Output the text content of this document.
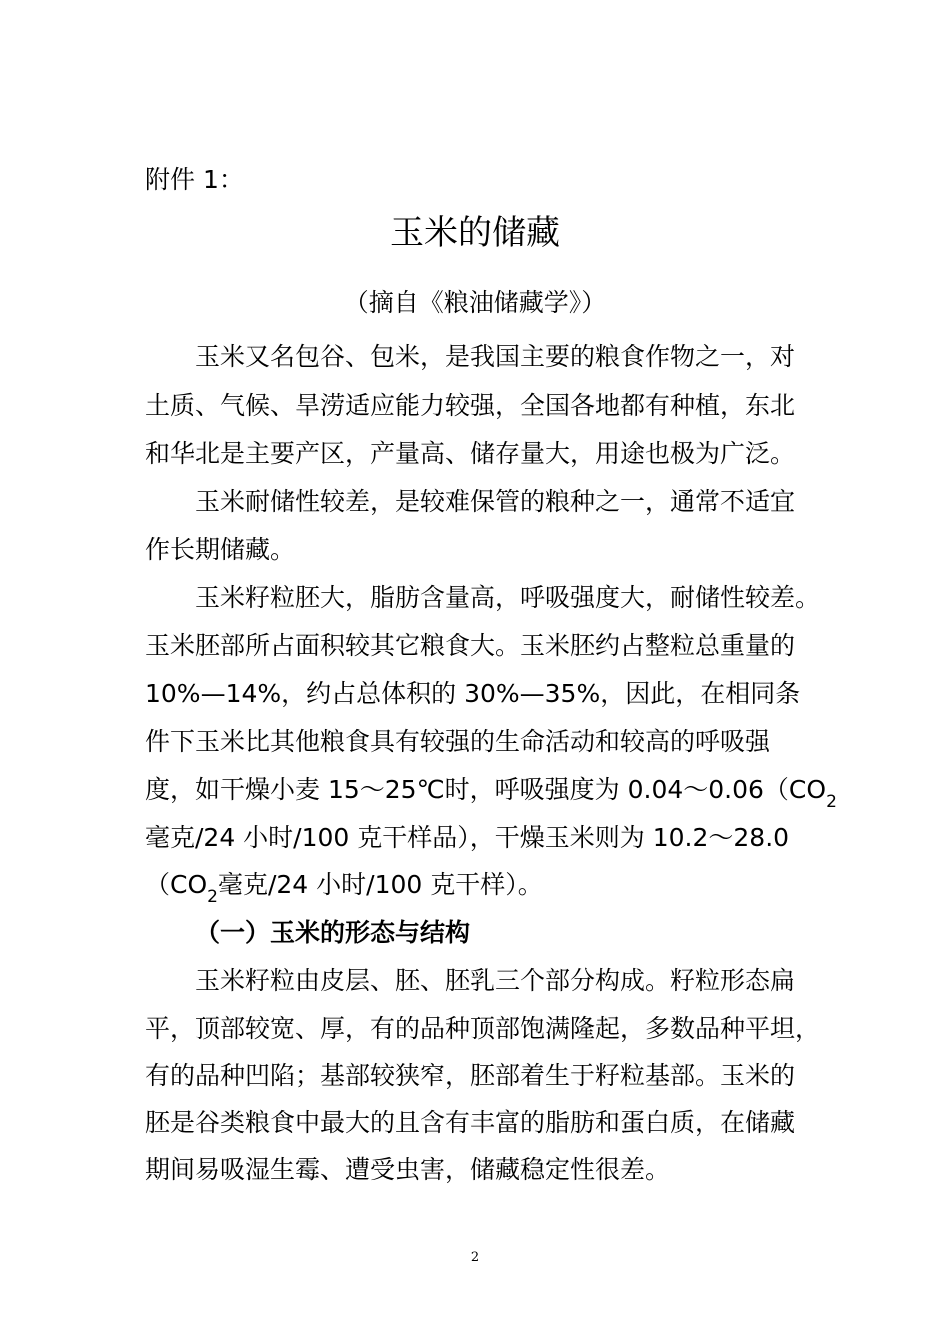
附件 1：
玉米的储藏
（摘自《粮油储藏学》）
玉米又名包谷、包米，是我国主要的粮食作物之一，对
土质、气候、旱涝适应能力较强，全国各地都有种植，东北
和华北是主要产区，产量高、储存量大，用途也极为广泛。
玉米耐储性较差，是较难保管的粮种之一，通常不适宜
作长期储藏。
玉米籽粒胚大，脂肪含量高，呼吸强度大，耐储性较差。
玉米胚部所占面积较其它粮食大。玉米胚约占整粒总重量的
10%—14%，约占总体积的 30%—35%，因此，在相同条
件下玉米比其他粮食具有较强的生命活动和较高的呼吸强
度，如干燥小麦 15～25℃时，呼吸强度为 $0.04\sim 0.06(CO_2$
毫克/24 小时/100 克干样品），干燥玉米则为 10.2～28.0
（$CO_2$毫克/24 小时/100 克干样）。
（一）玉米的形态与结构
玉米籽粒由皮层、胚、胚乳三个部分构成。籽粒形态扁
平，顶部较宽、厚，有的品种顶部饱满隆起，多数品种平坦，
有的品种凹陷；基部较狭窄，胚部着生于籽粒基部。玉米的
胚是谷类粮食中最大的且含有丰富的脂肪和蛋白质，在储藏
期间易吸湿生霉、遭受虫害，储藏稳定性很差。
2
